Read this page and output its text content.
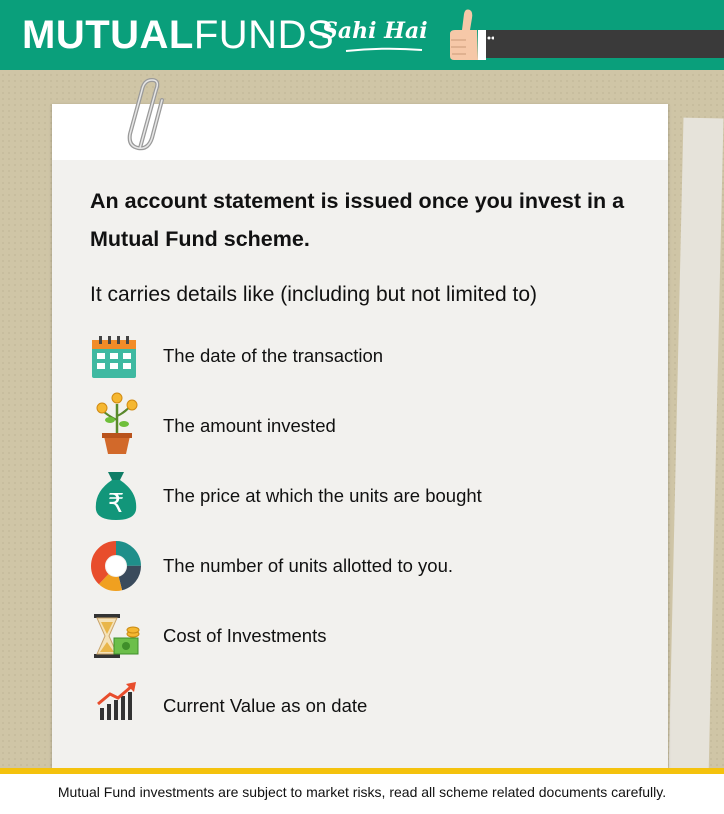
MUTUALFUNDS
Sahi Hai
An account statement is issued once you invest in a Mutual Fund scheme.
It carries details like (including but not limited to)
The date of the transaction
The amount invested
₹ The price at which the units are bought
The number of units allotted to you.
Cost of Investments
Current Value as on date
Mutual Fund investments are subject to market risks, read all scheme related documents carefully.
